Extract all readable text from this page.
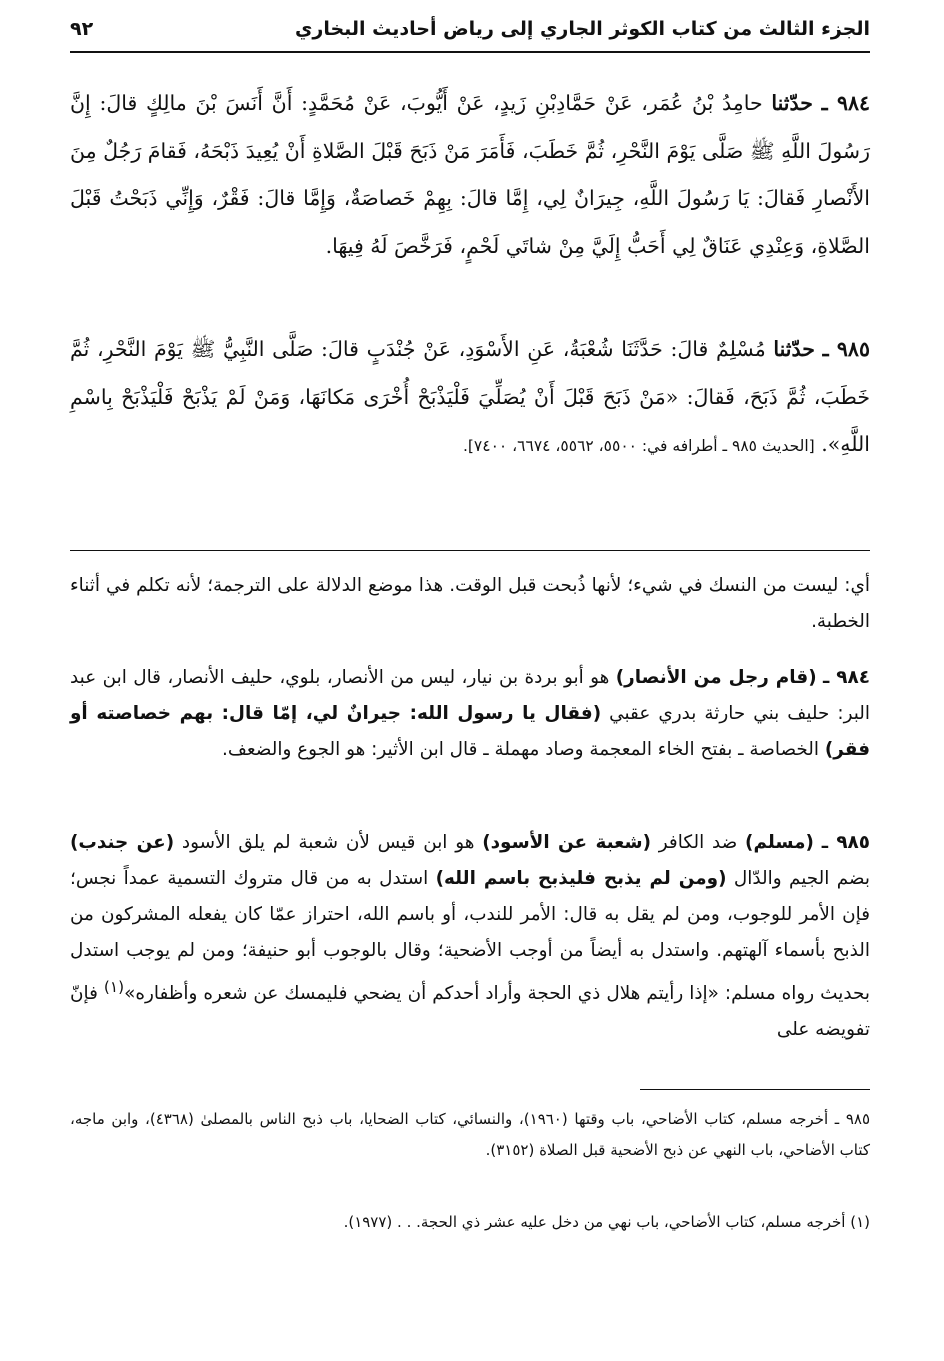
الجزء الثالث من كتاب الكوثر الجاري إلى رياض أحاديث البخاري
٩٢

٩٨٤ ـ حدّثنا حامِدُ بْنُ عُمَر، عَنْ حَمَّادِبْنِ زَيدٍ، عَنْ أَيُّوبَ، عَنْ مُحَمَّدٍ: أَنَّ أَنَسَ بْنَ مالِكٍ قالَ: إِنَّ رَسُولَ اللَّهِ ﷺ صَلَّى يَوْمَ النَّحْرِ، ثُمَّ خَطَبَ، فَأَمَرَ مَنْ ذَبَحَ قَبْلَ الصَّلاةِ أَنْ يُعِيدَ ذَبْحَهُ، فَقامَ رَجُلٌ مِنَ الأَنْصارِ فَقالَ: يَا رَسُولَ اللَّهِ، جِيرَانٌ لِي، إِمَّا قالَ: بِهِمْ خَصاصَةٌ، وَإِمَّا قالَ: فَقْرٌ، وَإِنِّي ذَبَحْتُ قَبْلَ الصَّلاةِ، وَعِنْدِي عَنَاقٌ لِي أَحَبُّ إِلَيَّ مِنْ شاتَي لَحْمٍ، فَرَخَّصَ لَهُ فِيهَا.

٩٨٥ ـ حدّثنا مُسْلِمٌ قالَ: حَدَّثَنَا شُعْبَةُ، عَنِ الأَسْوَدِ، عَنْ جُنْدَبٍ قالَ: صَلَّى النَّبِيُّ ﷺ يَوْمَ النَّحْرِ، ثُمَّ خَطَبَ، ثُمَّ ذَبَحَ، فَقالَ: «مَنْ ذَبَحَ قَبْلَ أَنْ يُصَلِّيَ فَلْيَذْبَحْ أُخْرَى مَكانَهَا، وَمَنْ لَمْ يَذْبَحْ فَلْيَذْبَحْ بِاسْمِ اللَّهِ». [الحديث ٩٨٥ ـ أطرافه في: ٥٥٠٠، ٥٥٦٢، ٦٦٧٤، ٧٤٠٠].

أي: ليست من النسك في شيء؛ لأنها ذُبحت قبل الوقت. هذا موضع الدلالة على الترجمة؛ لأنه تكلم في أثناء الخطبة.

٩٨٤ ـ (قام رجل من الأنصار) هو أبو بردة بن نيار، ليس من الأنصار، بلوي، حليف الأنصار، قال ابن عبد البر: حليف بني حارثة بدري عقبي (فقال يا رسول الله: جيرانٌ لي، إمّا قال: بهم خصاصته أو فقر) الخصاصة ـ بفتح الخاء المعجمة وصاد مهملة ـ قال ابن الأثير: هو الجوع والضعف.

٩٨٥ ـ (مسلم) ضد الكافر (شعبة عن الأسود) هو ابن قيس لأن شعبة لم يلق الأسود (عن جندب) بضم الجيم والدّال (ومن لم يذبح فليذبح باسم الله) استدل به من قال متروك التسمية عمداً نجس؛ فإن الأمر للوجوب، ومن لم يقل به قال: الأمر للندب، أو باسم الله، احتراز عمّا كان يفعله المشركون من الذبح بأسماء آلهتهم. واستدل به أيضاً من أوجب الأضحية؛ وقال بالوجوب أبو حنيفة؛ ومن لم يوجب استدل بحديث رواه مسلم: «إذا رأيتم هلال ذي الحجة وأراد أحدكم أن يضحي فليمسك عن شعره وأظفاره»$^{(١)}$ فإنّ تفويضه على

٩٨٥ ـ أخرجه مسلم، كتاب الأضاحي، باب وقتها (١٩٦٠)، والنسائي، كتاب الضحايا، باب ذبح الناس بالمصلىٰ (٤٣٦٨)، وابن ماجه، كتاب الأضاحي، باب النهي عن ذبح الأضحية قبل الصلاة (٣١٥٢).

(١) أخرجه مسلم، كتاب الأضاحي، باب نهي من دخل عليه عشر ذي الحجة. . . (١٩٧٧).
